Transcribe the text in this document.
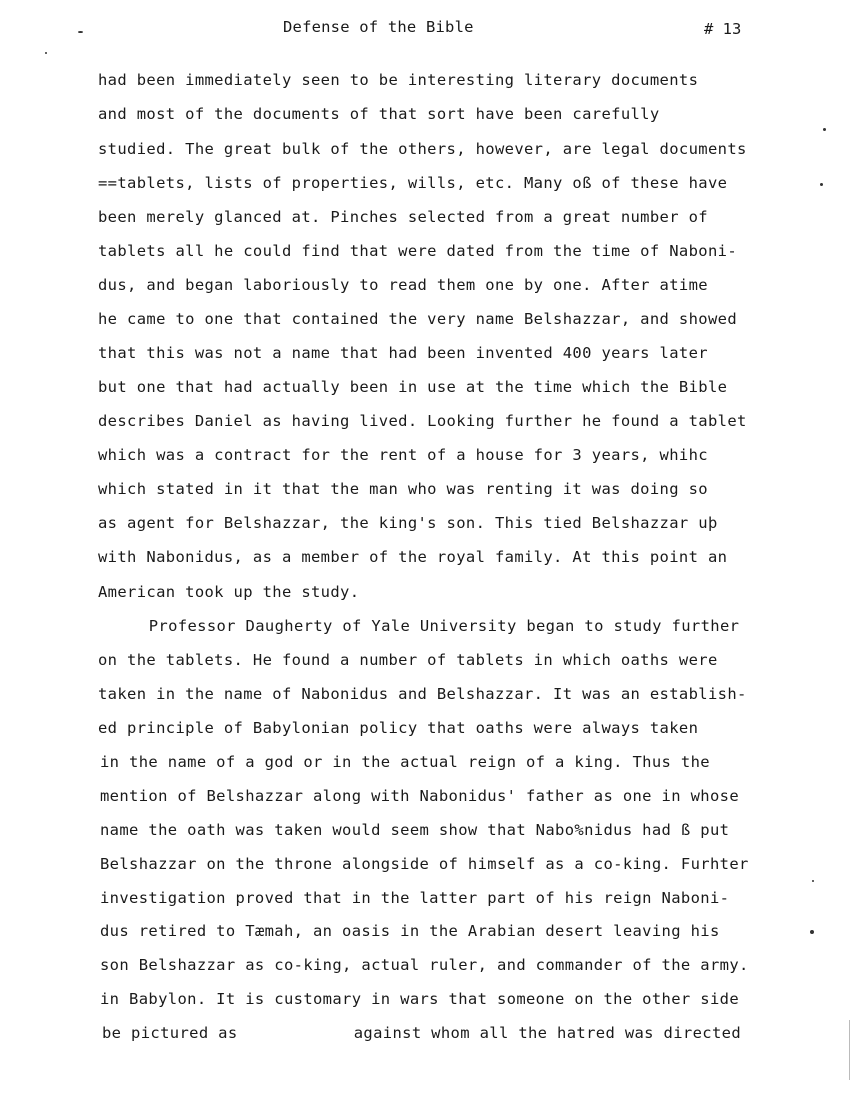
Defense of the Bible	# 13
had been immediately seen to be interesting literary documents
and most of the documents of that sort have been carefully
studied. The great bulk of the others, however, are legal documents
==tablets, lists of properties, wills, etc. Many oß of these have
been merely glanced at. Pinches selected from a great number of
tablets all he could find that were dated from the time of Naboni-
dus, and began laboriously to read them one by one. After atime
he came to one that contained the very name Belshazzar, and showed
that this was not a name that had been invented 400 years later
but one that had actually been in use at the time which the Bible
describes Daniel as having lived. Looking further he found a tablet
which was a contract for the rent of a house for 3 years, whihc
which stated in it that the man who was renting it was doing so
as agent for Belshazzar, the king's son. This tied Belshazzar uþ
with Nabonidus, as a member of the royal family. At this point an
American took up the study.
Professor Daugherty of Yale University began to study further
on the tablets. He found a number of tablets in which oaths were
taken in the name of Nabonidus and Belshazzar. It was an establish-
ed principle of Babylonian policy that oaths were always taken
in the name of a god or in the actual reign of a king. Thus the
mention of Belshazzar along with Nabonidus' father as one in whose
name the oath was taken would seem show that Nabo%nidus had ß put
Belshazzar on the throne alongside of himself as a co-king. Furhter
investigation proved that in the latter part of his reign Naboni-
dus retired to Tæmah, an oasis in the Arabian desert leaving his
son Belshazzar as co-king, actual ruler, and commander of the army.
in Babylon. It is customary in wars that someone on the other side
be pictured as            against whom all the hatred was directed
